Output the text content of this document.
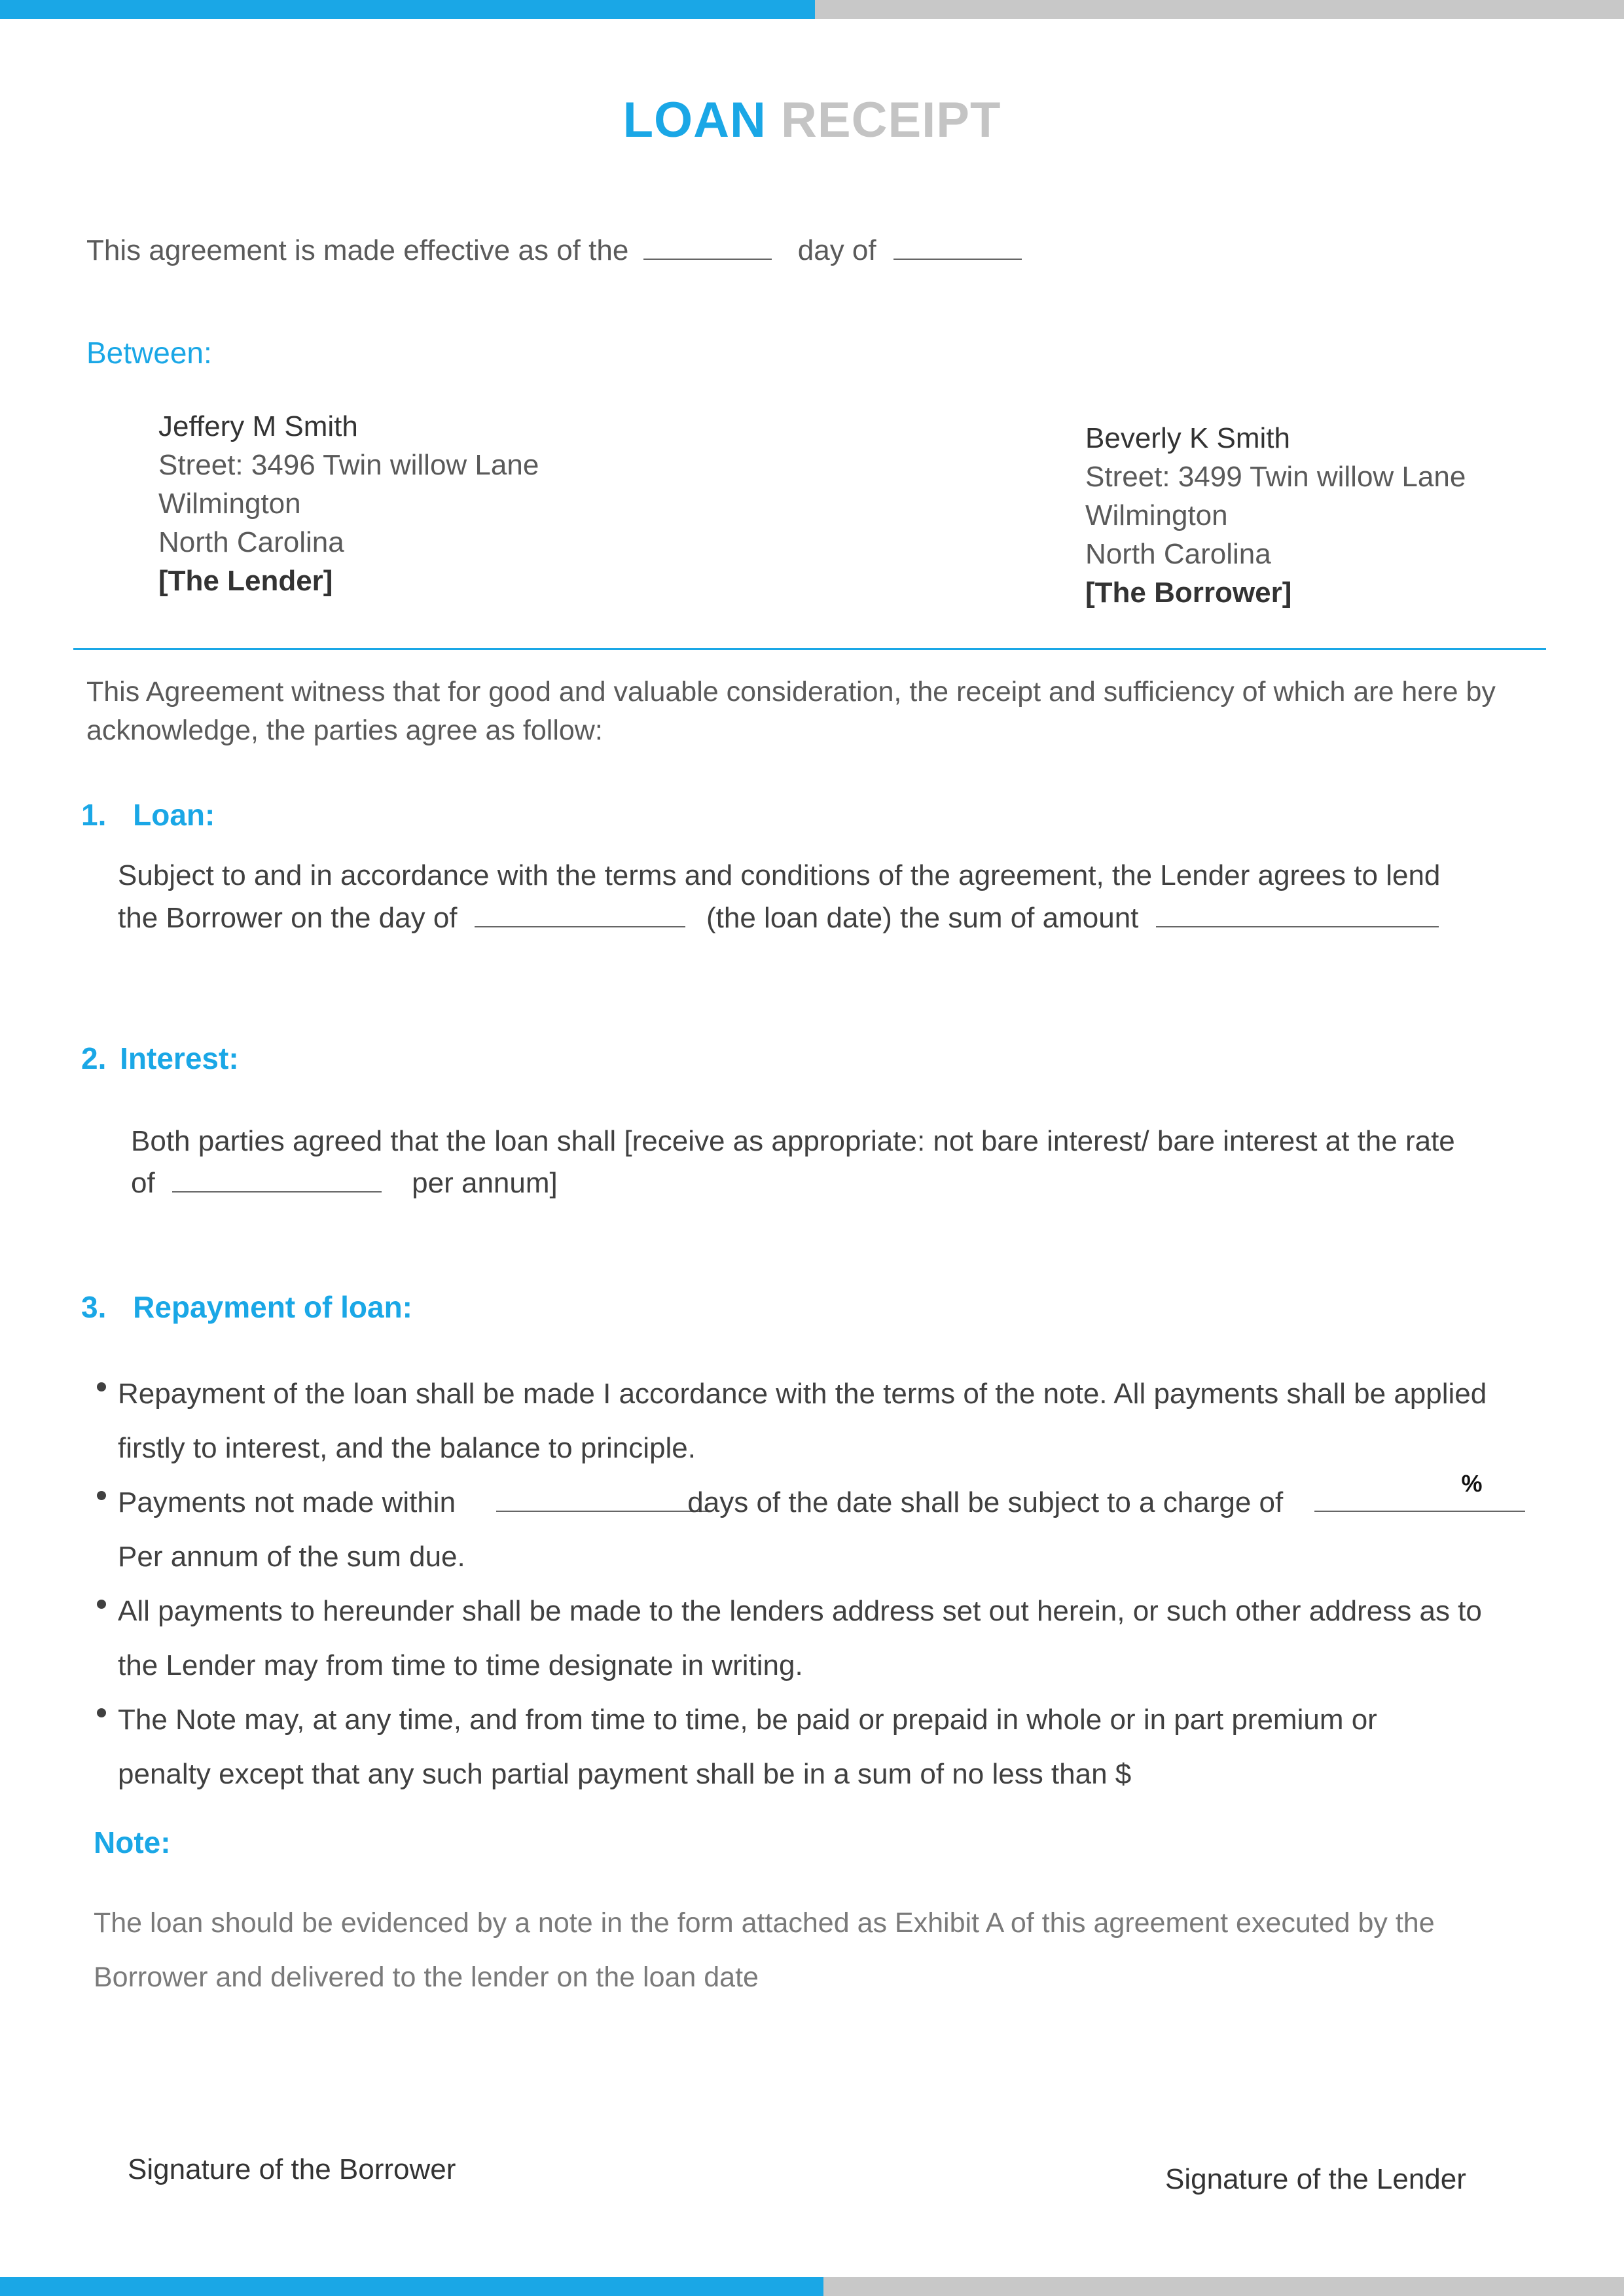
LOAN RECEIPT
This agreement is made effective as of the	day of
Between:
Jeffery M Smith
Street: 3496 Twin willow Lane
Wilmington
North Carolina
[The Lender]
Beverly K Smith
Street: 3499 Twin willow Lane
Wilmington
North Carolina
[The Borrower]
This Agreement witness that for good and valuable consideration, the receipt and sufficiency of which are here by
acknowledge, the parties agree as follow:
1. Loan:
Subject to and in accordance with the terms and conditions of the agreement, the Lender agrees to lend
the Borrower on the day of	(the loan date) the sum of amount
2. Interest:
Both parties agreed that the loan shall [receive as appropriate: not bare interest/ bare interest at the rate
of	per annum]
3. Repayment of loan:
Repayment of the loan shall be made I accordance with the terms of the note. All payments shall be applied
firstly to interest, and the balance to principle.
Payments not made within	days of the date shall be subject to a charge of
%
Per annum of the sum due.
All payments to hereunder shall be made to the lenders address set out herein, or such other address as to
the Lender may from time to time designate in writing.
The Note may, at any time, and from time to time, be paid or prepaid in whole or in part premium or
penalty except that any such partial payment shall be in a sum of no less than $
Note:
The loan should be evidenced by a note in the form attached as Exhibit A of this agreement executed by the
Borrower and delivered to the lender on the loan date
Signature of the Borrower	Signature of the Lender
